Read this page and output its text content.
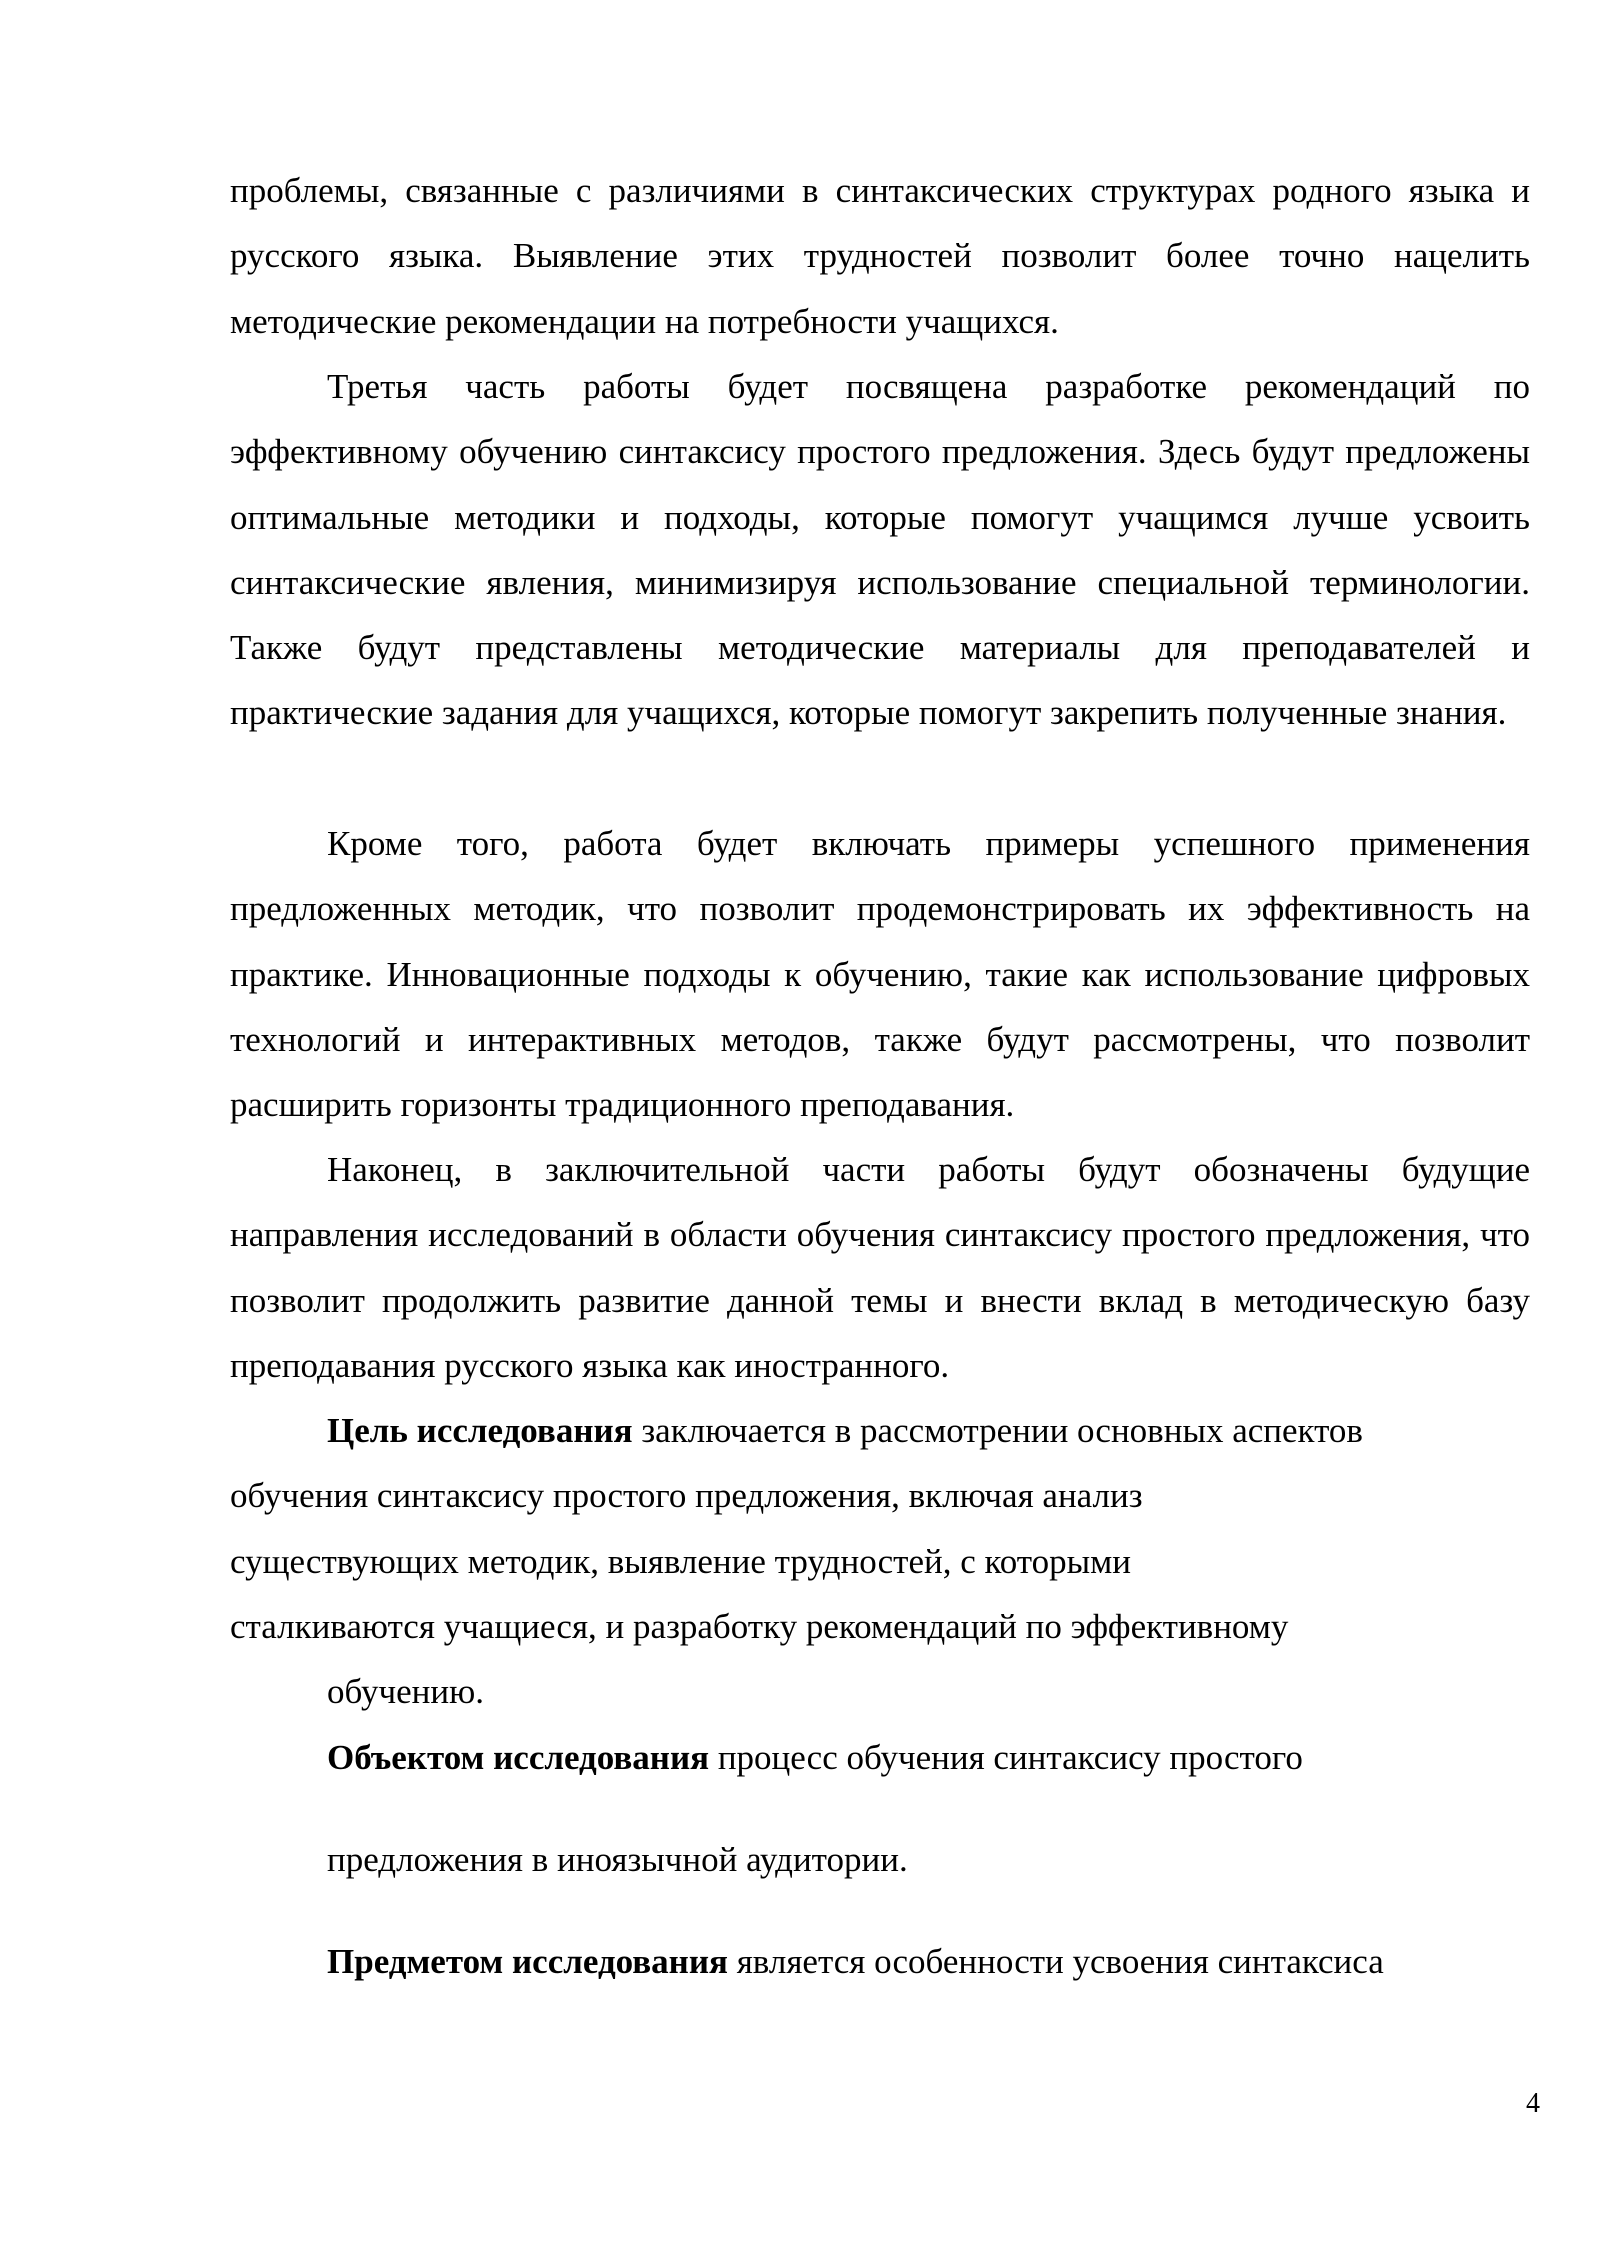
проблемы, связанные с различиями в синтаксических структурах родного языка и русского языка. Выявление этих трудностей позволит более точно нацелить методические рекомендации на потребности учащихся.

Третья часть работы будет посвящена разработке рекомендаций по эффективному обучению синтаксису простого предложения. Здесь будут предложены оптимальные методики и подходы, которые помогут учащимся лучше усвоить синтаксические явления, минимизируя использование специальной терминологии. Также будут представлены методические материалы для преподавателей и практические задания для учащихся, которые помогут закрепить полученные знания.

Кроме того, работа будет включать примеры успешного применения предложенных методик, что позволит продемонстрировать их эффективность на практике. Инновационные подходы к обучению, такие как использование цифровых технологий и интерактивных методов, также будут рассмотрены, что позволит расширить горизонты традиционного преподавания.

Наконец, в заключительной части работы будут обозначены будущие направления исследований в области обучения синтаксису простого предложения, что позволит продолжить развитие данной темы и внести вклад в методическую базу преподавания русского языка как иностранного.

Цель исследования заключается в рассмотрении основных аспектов
обучения синтаксису простого предложения, включая анализ
существующих методик, выявление трудностей, с которыми
сталкиваются учащиеся, и разработку рекомендаций по эффективному
обучению.
Объектом исследования процесс обучения синтаксису простого
предложения в иноязычной аудитории.
Предметом исследования является особенности усвоения синтаксиса
4
